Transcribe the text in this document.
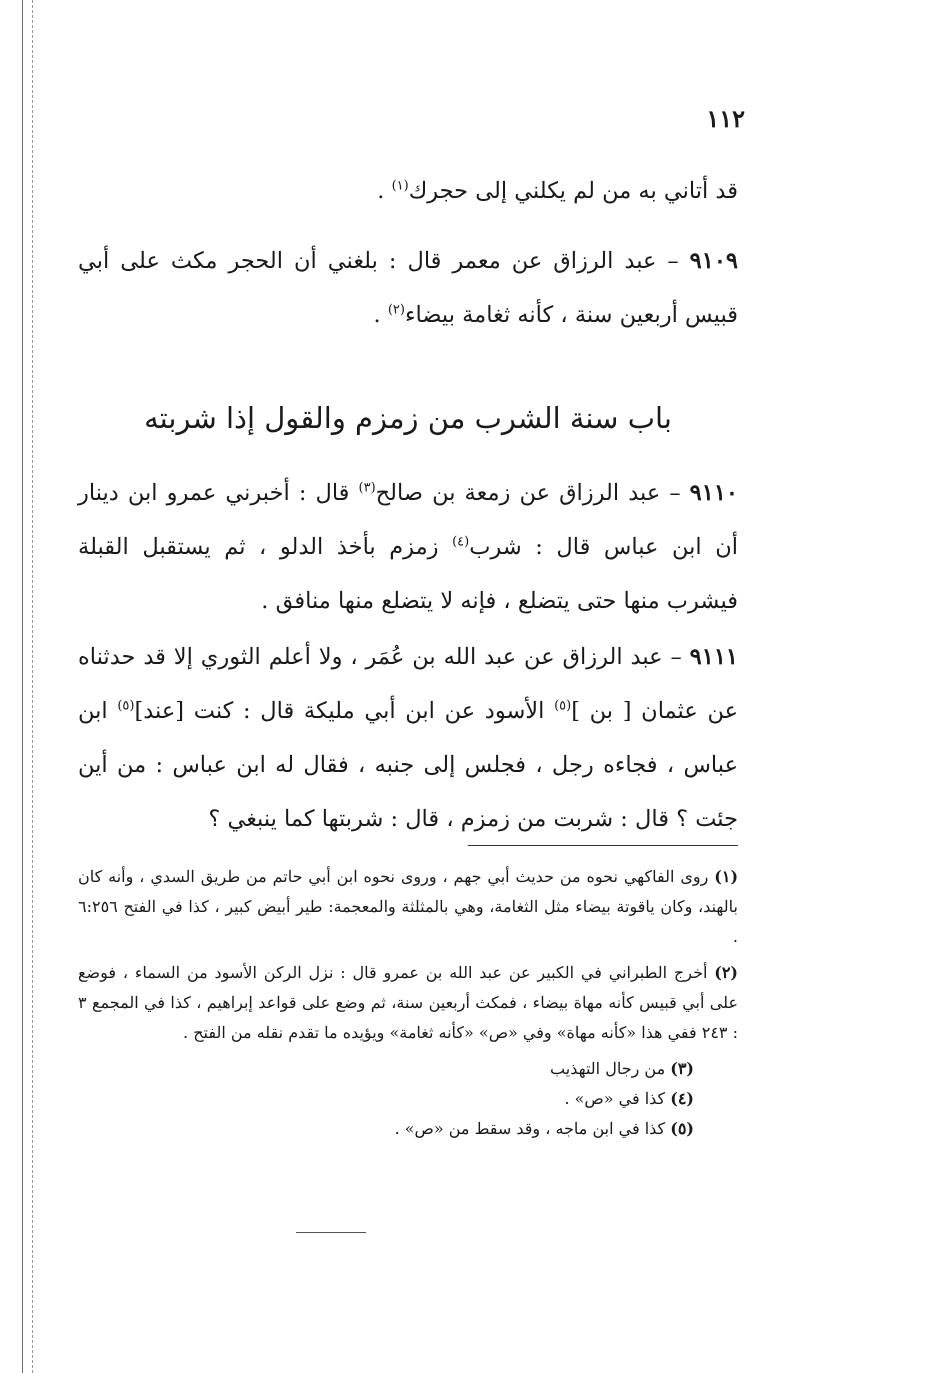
١١٢

قد أتاني به من لم يكلني إلى حجرك$^{(١)}$ .

٩١٠٩ – عبد الرزاق عن معمر قال : بلغني أن الحجر مكث على أبي قبيس أربعين سنة ، كأنه ثغامة بيضاء$^{(٢)}$ .

باب سنة الشرب من زمزم والقول إذا شربته

٩١١٠ – عبد الرزاق عن زمعة بن صالح$^{(٣)}$ قال : أخبرني عمرو ابن دينار أن ابن عباس قال : شرب$^{(٤)}$ زمزم بأخذ الدلو ، ثم يستقبل القبلة فيشرب منها حتى يتضلع ، فإنه لا يتضلع منها منافق .

٩١١١ – عبد الرزاق عن عبد الله بن عُمَر ، ولا أعلم الثوري إلا قد حدثناه عن عثمان [ بن ]$^{(٥)}$ الأسود عن ابن أبي مليكة قال : كنت [عند]$^{(٥)}$ ابن عباس ، فجاءه رجل ، فجلس إلى جنبه ، فقال له ابن عباس : من أين جئت ؟ قال : شربت من زمزم ، قال : شربتها كما ينبغي ؟

(١) روى الفاكهي نحوه من حديث أبي جهم ، وروى نحوه ابن أبي حاتم من طريق السدي ، وأنه كان بالهند، وكان ياقوتة بيضاء مثل الثغامة، وهي بالمثلثة والمعجمة: طير أبيض كبير ، كذا في الفتح ٦:٢٥٦ .

(٢) أخرج الطبراني في الكبير عن عبد الله بن عمرو قال : نزل الركن الأسود من السماء ، فوضع على أبي قبيس كأنه مهاة بيضاء ، فمكث أربعين سنة، ثم وضع على قواعد إبراهيم ، كذا في المجمع ٣ : ٢٤٣ ففي هذا «كأنه مهاة» وفي «ص» «كأنه ثغامة» ويؤيده ما تقدم نقله من الفتح .

(٣) من رجال التهذيب

(٤) كذا في «ص» .

(٥) كذا في ابن ماجه ، وقد سقط من «ص» .
